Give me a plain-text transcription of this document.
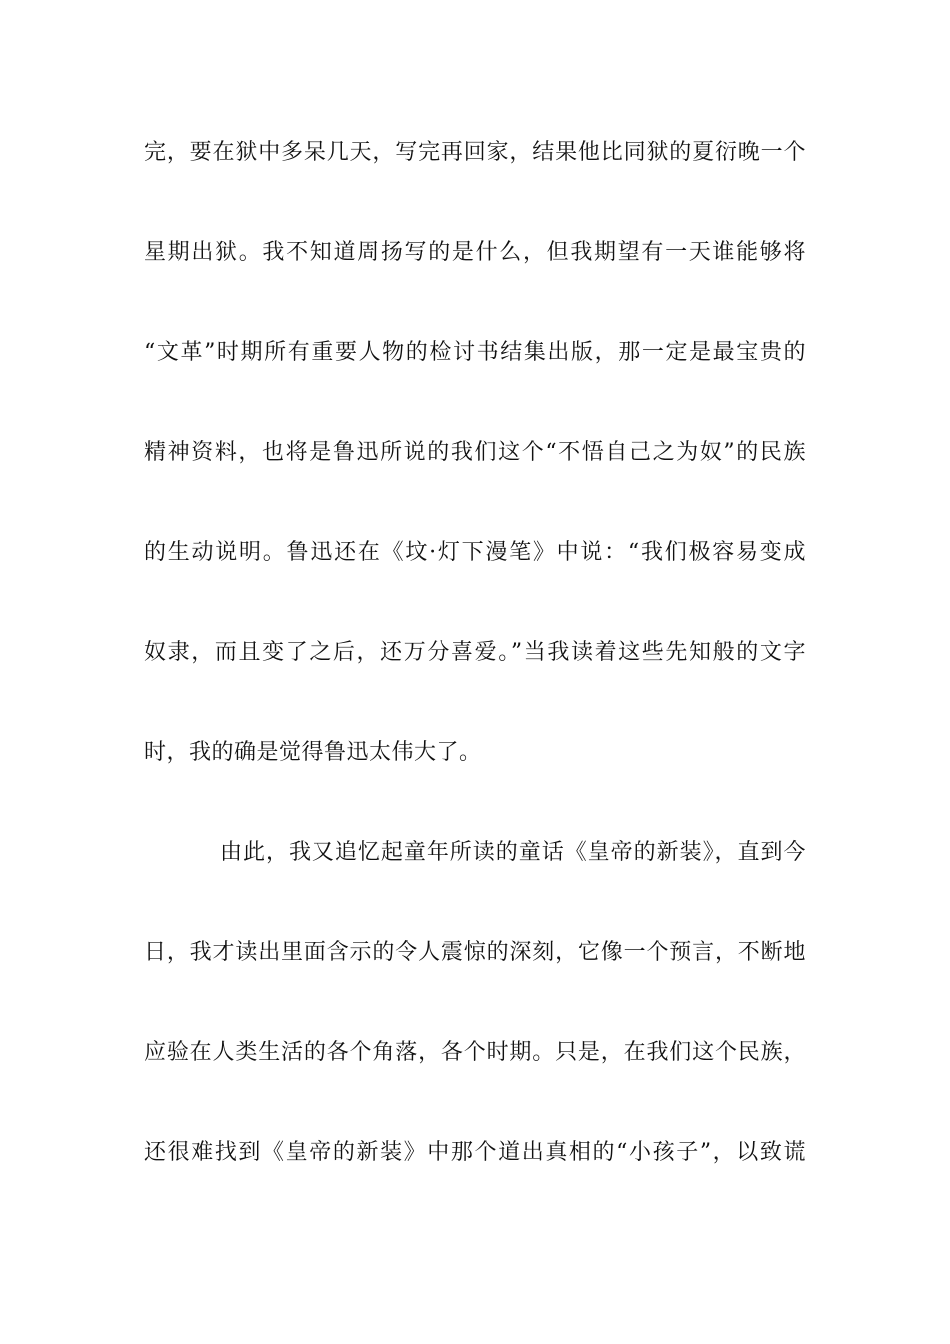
完，要在狱中多呆几天，写完再回家，结果他比同狱的夏衍晚一个
星期出狱。我不知道周扬写的是什么，但我期望有一天谁能够将
“文革”时期所有重要人物的检讨书结集出版，那一定是最宝贵的
精神资料，也将是鲁迅所说的我们这个“不悟自己之为奴”的民族
的生动说明。鲁迅还在《坟·灯下漫笔》中说：“我们极容易变成
奴隶，而且变了之后，还万分喜爱。”当我读着这些先知般的文字
时，我的确是觉得鲁迅太伟大了。
由此，我又追忆起童年所读的童话《皇帝的新装》，直到今
日，我才读出里面含示的令人震惊的深刻，它像一个预言，不断地
应验在人类生活的各个角落，各个时期。只是，在我们这个民族，
还很难找到《皇帝的新装》中那个道出真相的“小孩子”，以致谎
